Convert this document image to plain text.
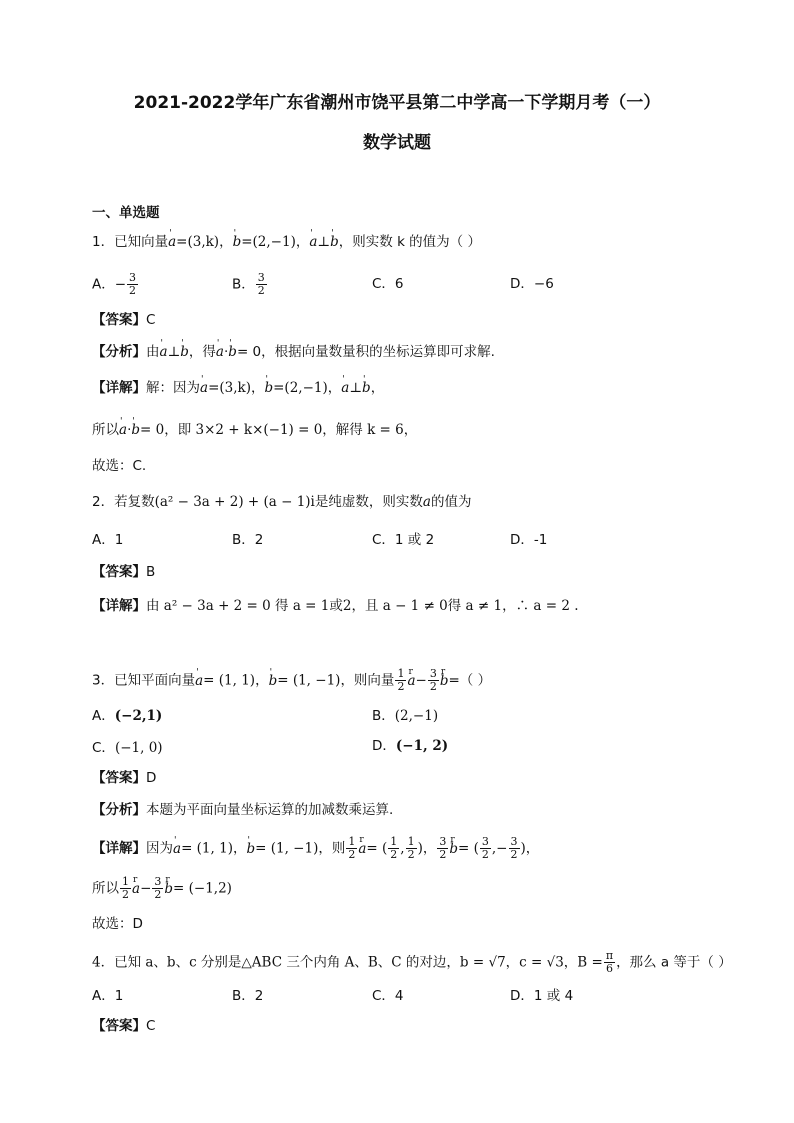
2021-2022学年广东省潮州市饶平县第二中学高一下学期月考（一）
数学试题
一、单选题
1．已知向量' a=(3,k)，' b=(2,−1)，' a⊥' b，则实数 k 的值为（ ）
A．− $\frac{3}{2}$	B． $\frac{3}{2}$	C．6	D．−6
【答案】C
【分析】由' a⊥' b，得' a·' b= 0，根据向量数量积的坐标运算即可求解.
【详解】解：因为' a=(3,k)，' b=(2,−1)，' a⊥' b，
所以' a·' b= 0，即 3×2 + k×(−1) = 0，解得 k = 6，
故选：C.
2．若复数(a² − 3a + 2) + (a − 1)i是纯虚数，则实数a的值为
A．1	B．2	C．1 或 2	D．-1
【答案】B
【详解】由 a² − 3a + 2 = 0 得 a = 1或2，且 a − 1 ≠ 0得 a ≠ 1，∴ a = 2 .
3．已知平面向量' a= (1, 1)，' b= (1, −1)，则向量 $\frac{1}{2}$ r $a- \frac{3}{2}$ r b=（ ）
A．(−2,1)	B．(2,−1)
C．(−1, 0)	D．(−1, 2)
【答案】D
【分析】本题为平面向量坐标运算的加减数乘运算.
【详解】因为' a= (1, 1)，' b= (1, −1)，则 $\frac{1}{2}$ r a= ( $\frac{1}{2}$ , $\frac{1}{2}$ )， $\frac{3}{2}$ r b= ( $\frac{3}{2}$ ,− $\frac{3}{2}$ )，
所以 $\frac{1}{2}$ r $a- \frac{3}{2}$ r b= (−1,2)
故选：D
4．已知 a、b、c 分别是△ABC 三个内角 A、B、C 的对边，b = √7，c = √3，$B = \frac{\pi}{6}$ ，那么 a 等于（ ）
A．1	B．2	C．4	D．1 或 4
【答案】C
